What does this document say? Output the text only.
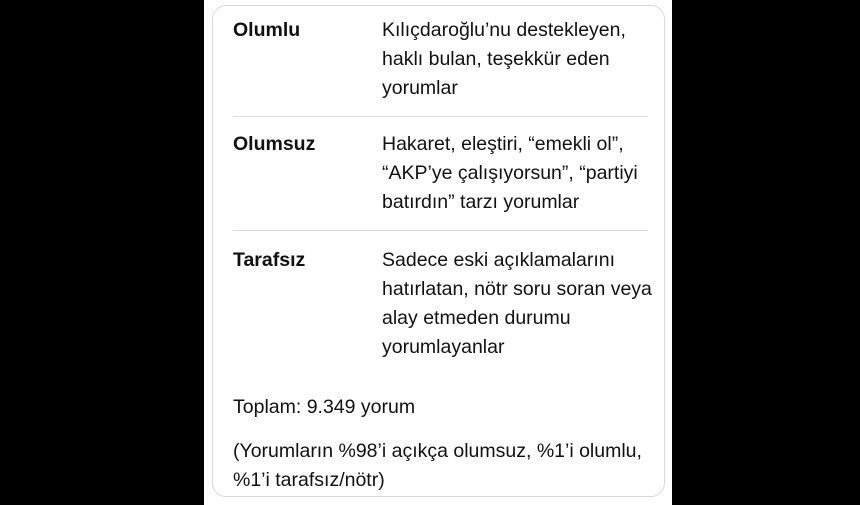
Olumlu	Kılıçdaroğlu’nu destekleyen, haklı bulan, teşekkür eden yorumlar
Olumsuz	Hakaret, eleştiri, “emekli ol”, “AKP’ye çalışıyorsun”, “partiyi batırdın” tarzı yorumlar
Tarafsız	Sadece eski açıklamalarını hatırlatan, nötr soru soran veya alay etmeden durumu yorumlayanlar
Toplam: 9.349 yorum
(Yorumların %98’i açıkça olumsuz, %1’i olumlu, %1’i tarafsız/nötr)
